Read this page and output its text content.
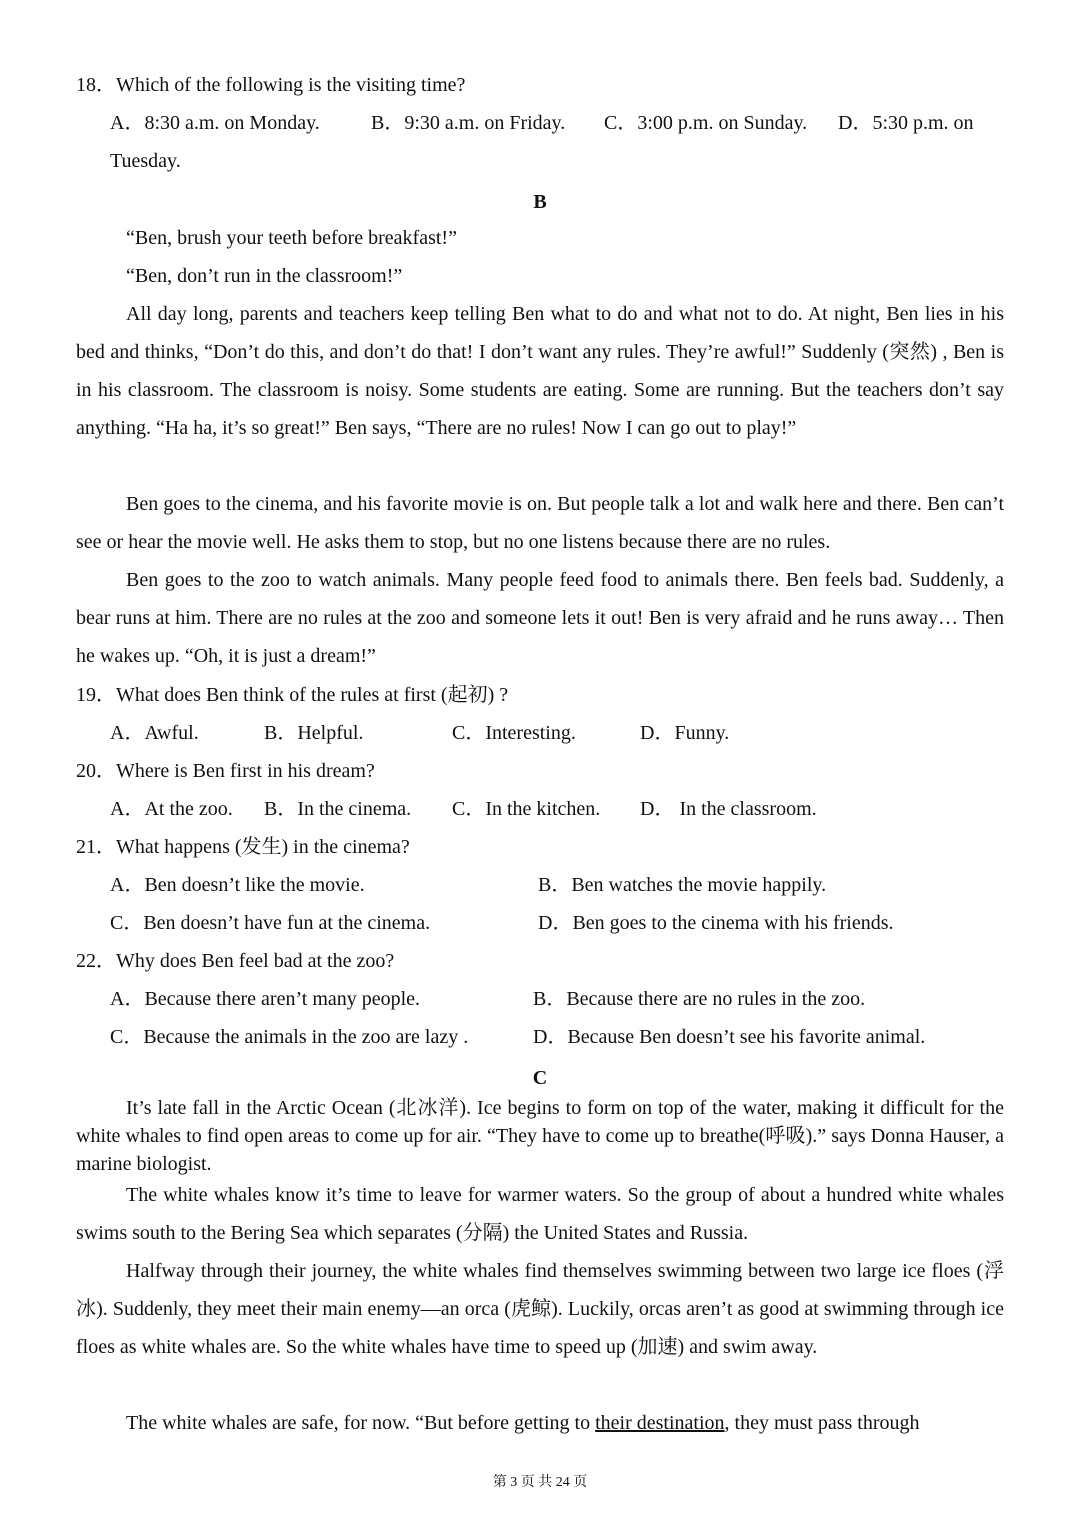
18．Which of the following is the visiting time?
A．8:30 a.m. on Monday.	B．9:30 a.m. on Friday. C．3:00 p.m. on Sunday. D．5:30 p.m. on
Tuesday.
B
“Ben, brush your teeth before breakfast!”
“Ben, don’t run in the classroom!”
All day long, parents and teachers keep telling Ben what to do and what not to do. At night, Ben lies in his bed and thinks, “Don’t do this, and don’t do that! I don’t want any rules. They’re awful!” Suddenly (突然) , Ben is in his classroom. The classroom is noisy. Some students are eating. Some are running. But the teachers don’t say anything. “Ha ha, it’s so great!” Ben says, “There are no rules! Now I can go out to play!”
Ben goes to the cinema, and his favorite movie is on. But people talk a lot and walk here and there. Ben can’t see or hear the movie well. He asks them to stop, but no one listens because there are no rules.
Ben goes to the zoo to watch animals. Many people feed food to animals there. Ben feels bad. Suddenly, a bear runs at him. There are no rules at the zoo and someone lets it out! Ben is very afraid and he runs away… Then he wakes up. “Oh, it is just a dream!”
19．What does Ben think of the rules at first (起初) ?
A．Awful.	B．Helpful.	C．Interesting.	D．Funny.
20．Where is Ben first in his dream?
A．At the zoo. B．In the cinema. C．In the kitchen. D． In the classroom.
21．What happens (发生) in the cinema?
A．Ben doesn’t like the movie.	B．Ben watches the movie happily.
C．Ben doesn’t have fun at the cinema.	D．Ben goes to the cinema with his friends.
22．Why does Ben feel bad at the zoo?
A．Because there aren’t many people.	B．Because there are no rules in the zoo.
C．Because the animals in the zoo are lazy .	D．Because Ben doesn’t see his favorite animal.
C
It’s late fall in the Arctic Ocean (北冰洋). Ice begins to form on top of the water, making it difficult for the white whales to find open areas to come up for air. “They have to come up to breathe(呼吸).” says Donna Hauser, a marine biologist.
The white whales know it’s time to leave for warmer waters. So the group of about a hundred white whales swims south to the Bering Sea which separates (分隔) the United States and Russia.
Halfway through their journey, the white whales find themselves swimming between two large ice floes (浮冰). Suddenly, they meet their main enemy—an orca (虎鲸). Luckily, orcas aren’t as good at swimming through ice floes as white whales are. So the white whales have time to speed up (加速) and swim away.
The white whales are safe, for now. “But before getting to their destination, they must pass through
第 3 页 共 24 页
